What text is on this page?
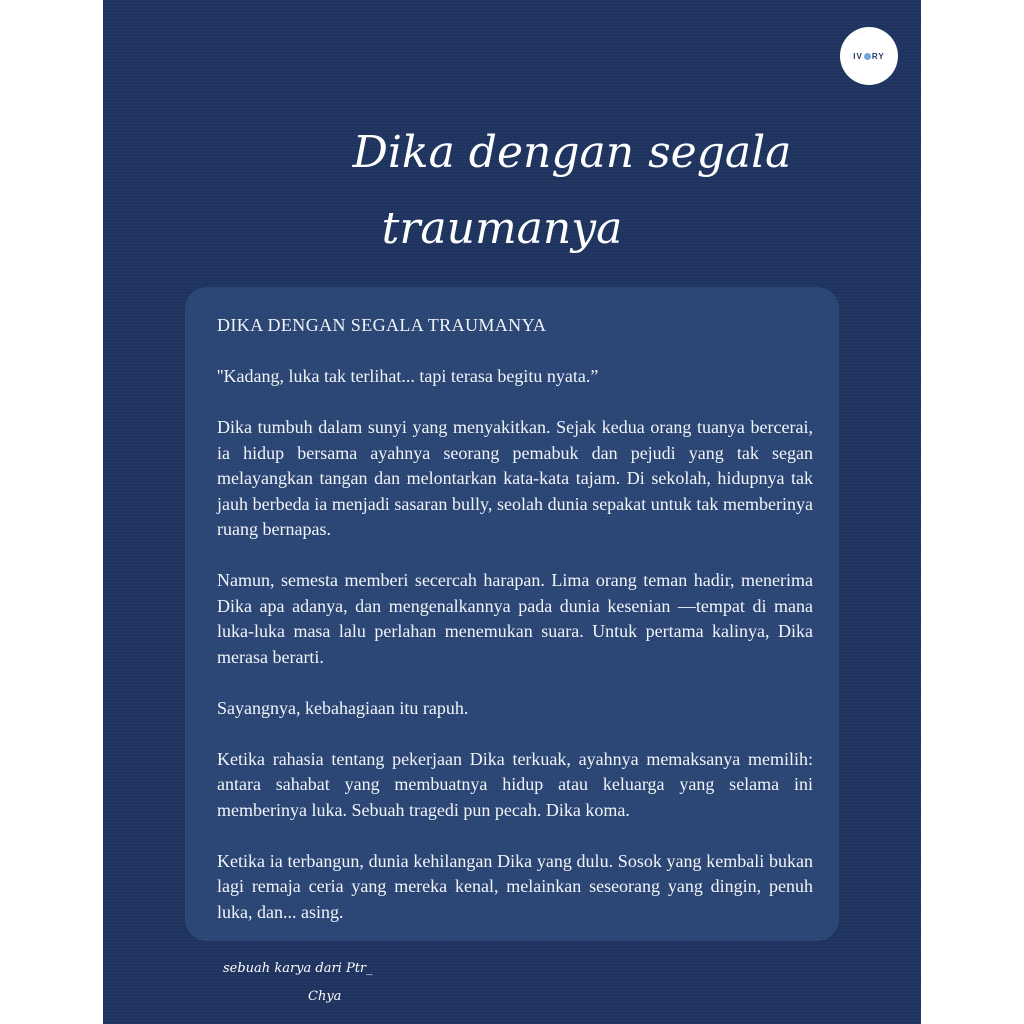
IV RY
Dika dengan segala
traumanya

DIKA DENGAN SEGALA TRAUMANYA

''Kadang, luka tak terlihat... tapi terasa begitu nyata.”

Dika tumbuh dalam sunyi yang menyakitkan. Sejak kedua orang tuanya bercerai, ia hidup bersama ayahnya seorang pemabuk dan pejudi yang tak segan melayangkan tangan dan melontarkan kata-kata tajam. Di sekolah, hidupnya tak jauh berbeda ia menjadi sasaran bully, seolah dunia sepakat untuk tak memberinya ruang bernapas.

Namun, semesta memberi secercah harapan. Lima orang teman hadir, menerima Dika apa adanya, dan mengenalkannya pada dunia kesenian —tempat di mana luka-luka masa lalu perlahan menemukan suara. Untuk pertama kalinya, Dika merasa berarti.

Sayangnya, kebahagiaan itu rapuh.

Ketika rahasia tentang pekerjaan Dika terkuak, ayahnya memaksanya memilih: antara sahabat yang membuatnya hidup atau keluarga yang selama ini memberinya luka. Sebuah tragedi pun pecah. Dika koma.

Ketika ia terbangun, dunia kehilangan Dika yang dulu. Sosok yang kembali bukan lagi remaja ceria yang mereka kenal, melainkan seseorang yang dingin, penuh luka, dan... asing.

sebuah karya dari Ptr_
Chya
